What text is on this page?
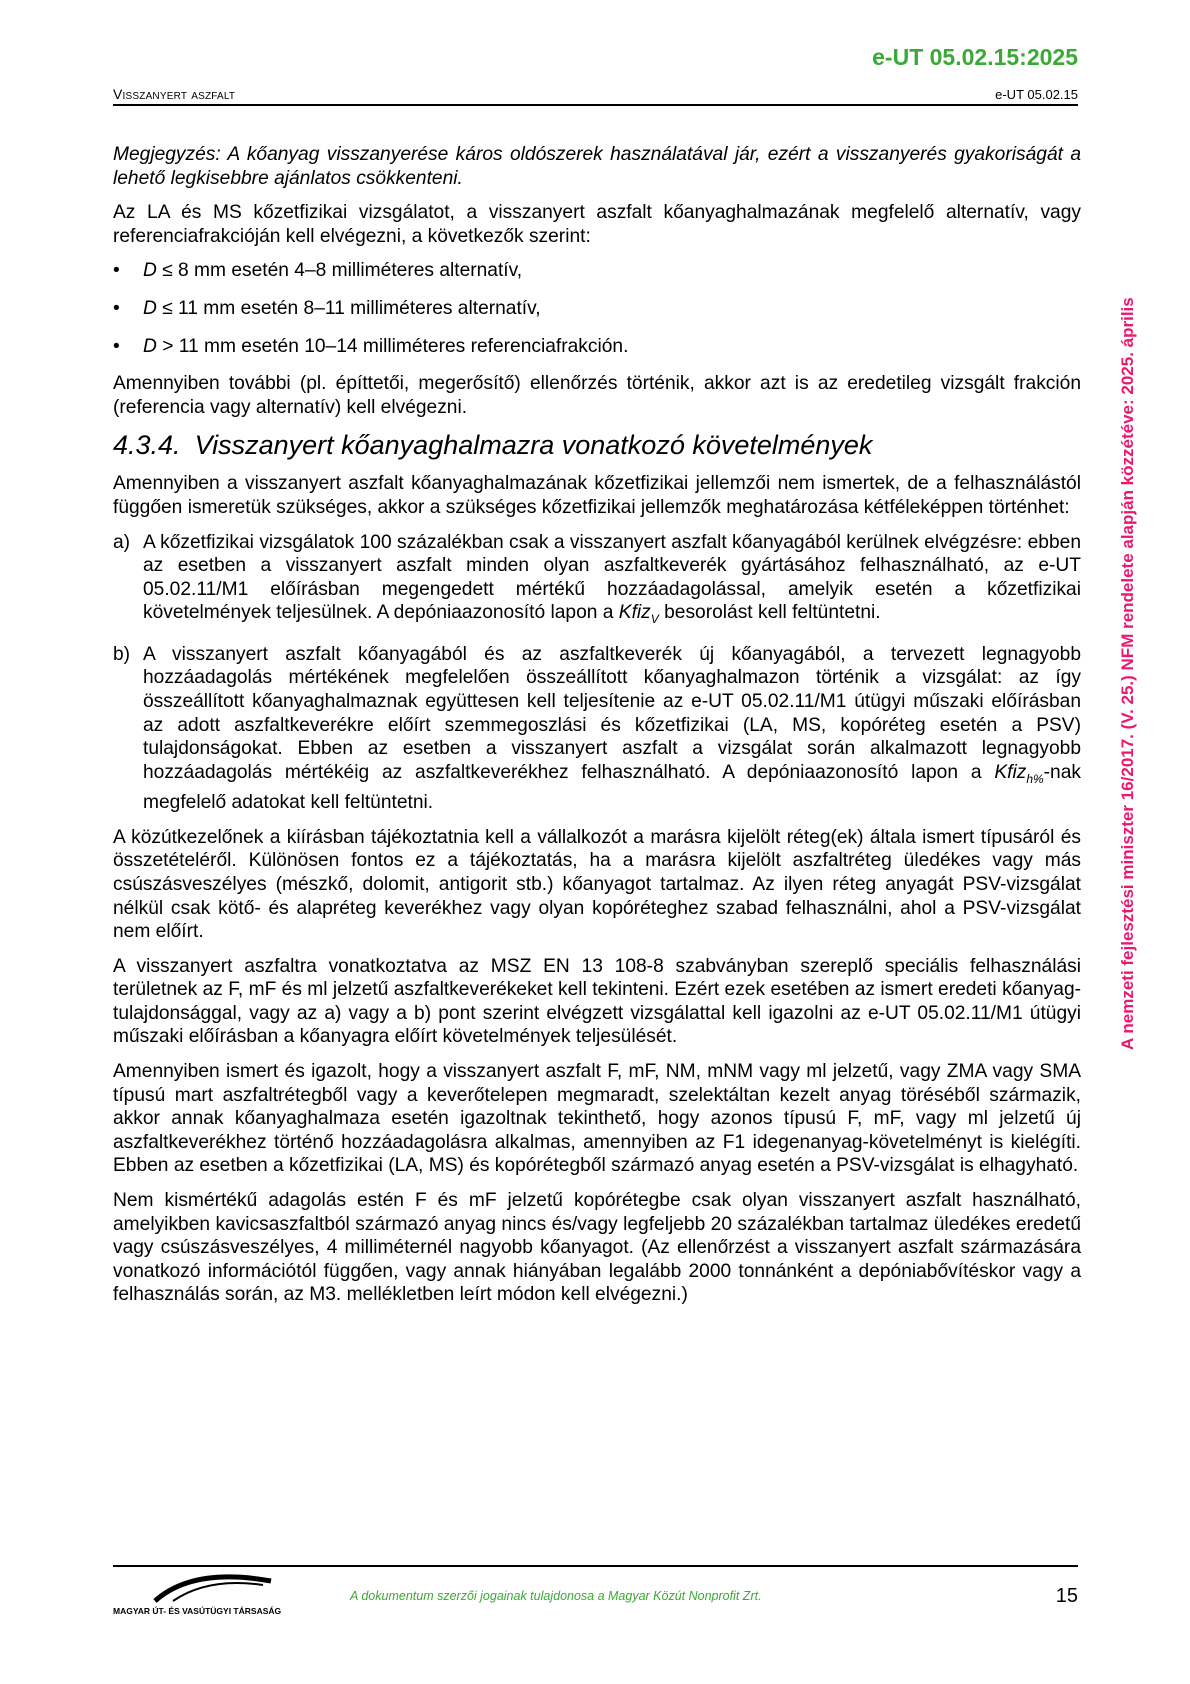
e-UT 05.02.15:2025
Visszanyert aszfalt	e-UT 05.02.15

Megjegyzés: A kőanyag visszanyerése káros oldószerek használatával jár, ezért a visszanyerés gyakoriságát a lehető legkisebbre ajánlatos csökkenteni.

Az LA és MS kőzetfizikai vizsgálatot, a visszanyert aszfalt kőanyaghalmazának megfelelő alternatív, vagy referenciafrakcióján kell elvégezni, a következők szerint:

• D ≤ 8 mm esetén 4–8 milliméteres alternatív,
• D ≤ 11 mm esetén 8–11 milliméteres alternatív,
• D > 11 mm esetén 10–14 milliméteres referenciafrakción.

Amennyiben további (pl. építtetői, megerősítő) ellenőrzés történik, akkor azt is az eredetileg vizsgált frakción (referencia vagy alternatív) kell elvégezni.

4.3.4. Visszanyert kőanyaghalmazra vonatkozó követelmények

Amennyiben a visszanyert aszfalt kőanyaghalmazának kőzetfizikai jellemzői nem ismertek, de a felhasználástól függően ismeretük szükséges, akkor a szükséges kőzetfizikai jellemzők meghatározása kétféleképpen történhet:

a) A kőzetfizikai vizsgálatok 100 százalékban csak a visszanyert aszfalt kőanyagából kerülnek elvégzésre: ebben az esetben a visszanyert aszfalt minden olyan aszfaltkeverék gyártásához felhasználható, az e-UT 05.02.11/M1 előírásban megengedett mértékű hozzáadagolással, amelyik esetén a kőzetfizikai követelmények teljesülnek. A depóniaazonosító lapon a Kfiz$_V$ besorolást kell feltüntetni.
b) A visszanyert aszfalt kőanyagából és az aszfaltkeverék új kőanyagából, a tervezett legnagyobb hozzáadagolás mértékének megfelelően összeállított kőanyaghalmazon történik a vizsgálat: az így összeállított kőanyaghalmaznak együttesen kell teljesítenie az e-UT 05.02.11/M1 útügyi műszaki előírásban az adott aszfaltkeverékre előírt szemmegoszlási és kőzetfizikai (LA, MS, kopóréteg esetén a PSV) tulajdonságokat. Ebben az esetben a visszanyert aszfalt a vizsgálat során alkalmazott legnagyobb hozzáadagolás mértékéig az aszfaltkeverékhez felhasználható. A depóniaazonosító lapon a Kfiz$_{h\%}$-nak megfelelő adatokat kell feltüntetni.

A közútkezelőnek a kiírásban tájékoztatnia kell a vállalkozót a marásra kijelölt réteg(ek) általa ismert típusáról és összetételéről. Különösen fontos ez a tájékoztatás, ha a marásra kijelölt aszfaltréteg üledékes vagy más csúszásveszélyes (mészkő, dolomit, antigorit stb.) kőanyagot tartalmaz. Az ilyen réteg anyagát PSV-vizsgálat nélkül csak kötő- és alapréteg keverékhez vagy olyan kopóréteghez szabad felhasználni, ahol a PSV-vizsgálat nem előírt.

A visszanyert aszfaltra vonatkoztatva az MSZ EN 13 108-8 szabványban szereplő speciális felhasználási területnek az F, mF és ml jelzetű aszfaltkeverékeket kell tekinteni. Ezért ezek esetében az ismert eredeti kőanyag-tulajdonsággal, vagy az a) vagy a b) pont szerint elvégzett vizsgálattal kell igazolni az e-UT 05.02.11/M1 útügyi műszaki előírásban a kőanyagra előírt követelmények teljesülését.

Amennyiben ismert és igazolt, hogy a visszanyert aszfalt F, mF, NM, mNM vagy ml jelzetű, vagy ZMA vagy SMA típusú mart aszfaltrétegből vagy a keverőtelepen megmaradt, szelektáltan kezelt anyag töréséből származik, akkor annak kőanyaghalmaza esetén igazoltnak tekinthető, hogy azonos típusú F, mF, vagy ml jelzetű új aszfaltkeverékhez történő hozzáadagolásra alkalmas, amennyiben az F1 idegenanyag-követelményt is kielégíti. Ebben az esetben a kőzetfizikai (LA, MS) és kopórétegből származó anyag esetén a PSV-vizsgálat is elhagyható.

Nem kismértékű adagolás estén F és mF jelzetű kopórétegbe csak olyan visszanyert aszfalt használható, amelyikben kavicsaszfaltból származó anyag nincs és/vagy legfeljebb 20 százalékban tartalmaz üledékes eredetű vagy csúszásveszélyes, 4 milliméternél nagyobb kőanyagot. (Az ellenőrzést a visszanyert aszfalt származására vonatkozó információtól függően, vagy annak hiányában legalább 2000 tonnánként a depóniabővítéskor vagy a felhasználás során, az M3. mellékletben leírt módon kell elvégezni.)

A nemzeti fejlesztési miniszter 16/2017. (V. 25.) NFM rendelete alapján közzétéve: 2025. április
MAGYAR ÚT- ÉS VASÚTÜGYI TÁRSASÁG
A dokumentum szerzői jogainak tulajdonosa a Magyar Közút Nonprofit Zrt.	15
